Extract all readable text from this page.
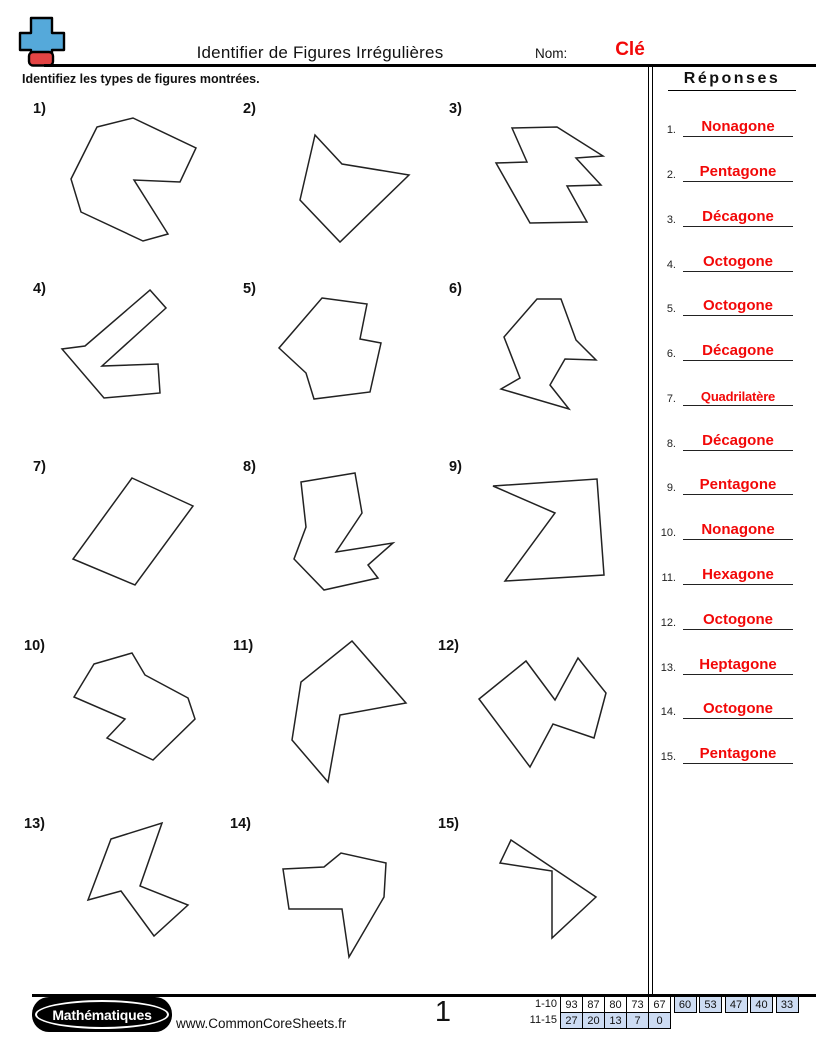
Identifier de Figures Irrégulières	Nom:	Clé
Identifiez les types de figures montrées.	Réponses
1.	Nonagone
2.	Pentagone
3.	Décagone
4.	Octogone
5.	Octogone
6.	Décagone
7.	Quadrilatère
8.	Décagone
9.	Pentagone
10.	Nonagone
11.	Hexagone
12.	Octogone
13.	Heptagone
14.	Octogone
15.	Pentagone
1)	2)	3)
4)	5)	6)
7)	8)	9)
10)	11)	12)
13)	14)	15)
Mathématiques
www.CommonCoreSheets.fr	1	1-10 93 87 80 73 67	60	53	47	40	33
11-15 27 20 13	7	0
